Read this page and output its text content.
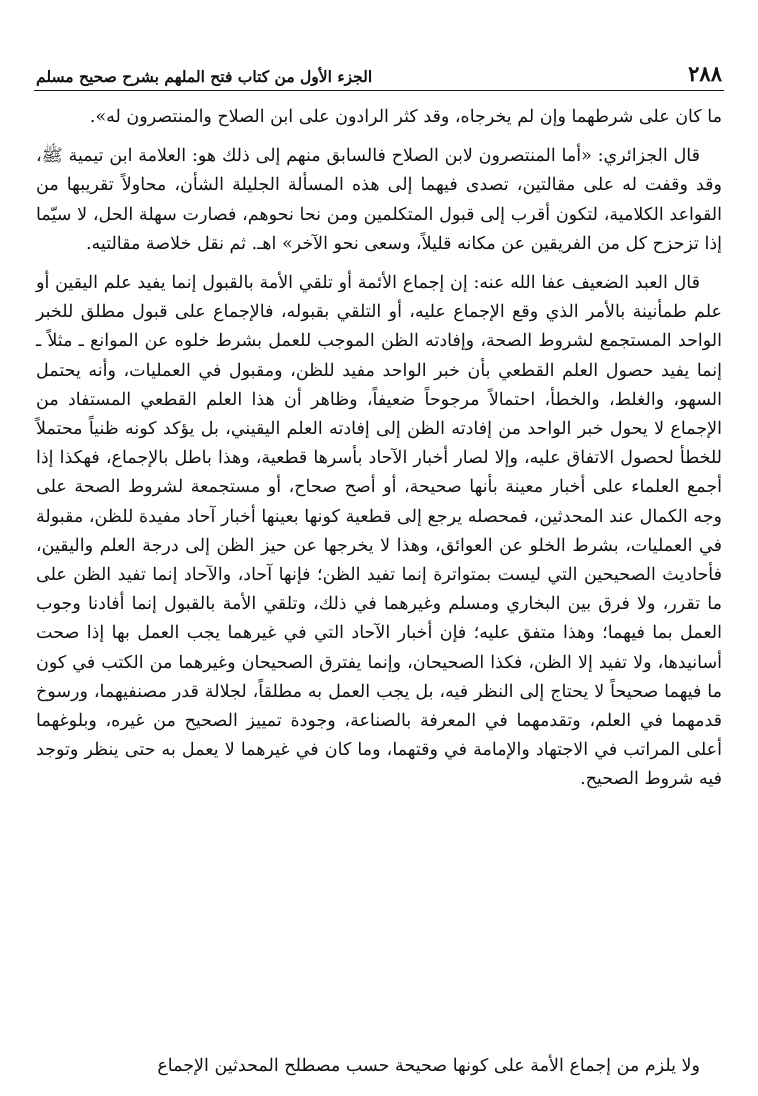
٢٨٨
الجزء الأول من كتاب فتح الملهم بشرح صحيح مسلم

ما كان على شرطهما وإن لم يخرجاه، وقد كثر الرادون على ابن الصلاح والمنتصرون له».

قال الجزائري: «أما المنتصرون لابن الصلاح فالسابق منهم إلى ذلك هو: العلامة ابن تيمية ﷺ، وقد وقفت له على مقالتين، تصدى فيهما إلى هذه المسألة الجليلة الشأن، محاولاً تقريبها من القواعد الكلامية، لتكون أقرب إلى قبول المتكلمين ومن نحا نحوهم، فصارت سهلة الحل، لا سيّما إذا تزحزح كل من الفريقين عن مكانه قليلاً، وسعى نحو الآخر» اهـ. ثم نقل خلاصة مقالتيه.

قال العبد الضعيف عفا الله عنه: إن إجماع الأئمة أو تلقي الأمة بالقبول إنما يفيد علم اليقين أو علم طمأنينة بالأمر الذي وقع الإجماع عليه، أو التلقي بقبوله، فالإجماع على قبول مطلق للخبر الواحد المستجمع لشروط الصحة، وإفادته الظن الموجب للعمل بشرط خلوه عن الموانع ـ مثلاً ـ إنما يفيد حصول العلم القطعي بأن خبر الواحد مفيد للظن، ومقبول في العمليات، وأنه يحتمل السهو، والغلط، والخطأ، احتمالاً مرجوحاً ضعيفاً، وظاهر أن هذا العلم القطعي المستفاد من الإجماع لا يحول خبر الواحد من إفادته الظن إلى إفادته العلم اليقيني، بل يؤكد كونه ظنياً محتملاً للخطأ لحصول الاتفاق عليه، وإلا لصار أخبار الآحاد بأسرها قطعية، وهذا باطل بالإجماع، فهكذا إذا أجمع العلماء على أخبار معينة بأنها صحيحة، أو أصح صحاح، أو مستجمعة لشروط الصحة على وجه الكمال عند المحدثين، فمحصله يرجع إلى قطعية كونها بعينها أخبار آحاد مفيدة للظن، مقبولة في العمليات، بشرط الخلو عن العوائق، وهذا لا يخرجها عن حيز الظن إلى درجة العلم واليقين، فأحاديث الصحيحين التي ليست بمتواترة إنما تفيد الظن؛ فإنها آحاد، والآحاد إنما تفيد الظن على ما تقرر، ولا فرق بين البخاري ومسلم وغيرهما في ذلك، وتلقي الأمة بالقبول إنما أفادنا وجوب العمل بما فيهما؛ وهذا متفق عليه؛ فإن أخبار الآحاد التي في غيرهما يجب العمل بها إذا صحت أسانيدها، ولا تفيد إلا الظن، فكذا الصحيحان، وإنما يفترق الصحيحان وغيرهما من الكتب في كون ما فيهما صحيحاً لا يحتاج إلى النظر فيه، بل يجب العمل به مطلقاً، لجلالة قدر مصنفيهما، ورسوخ قدمهما في العلم، وتقدمهما في المعرفة بالصناعة، وجودة تمييز الصحيح من غيره، وبلوغهما أعلى المراتب في الاجتهاد والإمامة في وقتهما، وما كان في غيرهما لا يعمل به حتى ينظر وتوجد فيه شروط الصحيح.

ولا يلزم من إجماع الأمة على كونها صحيحة حسب مصطلح المحدثين الإجماع
